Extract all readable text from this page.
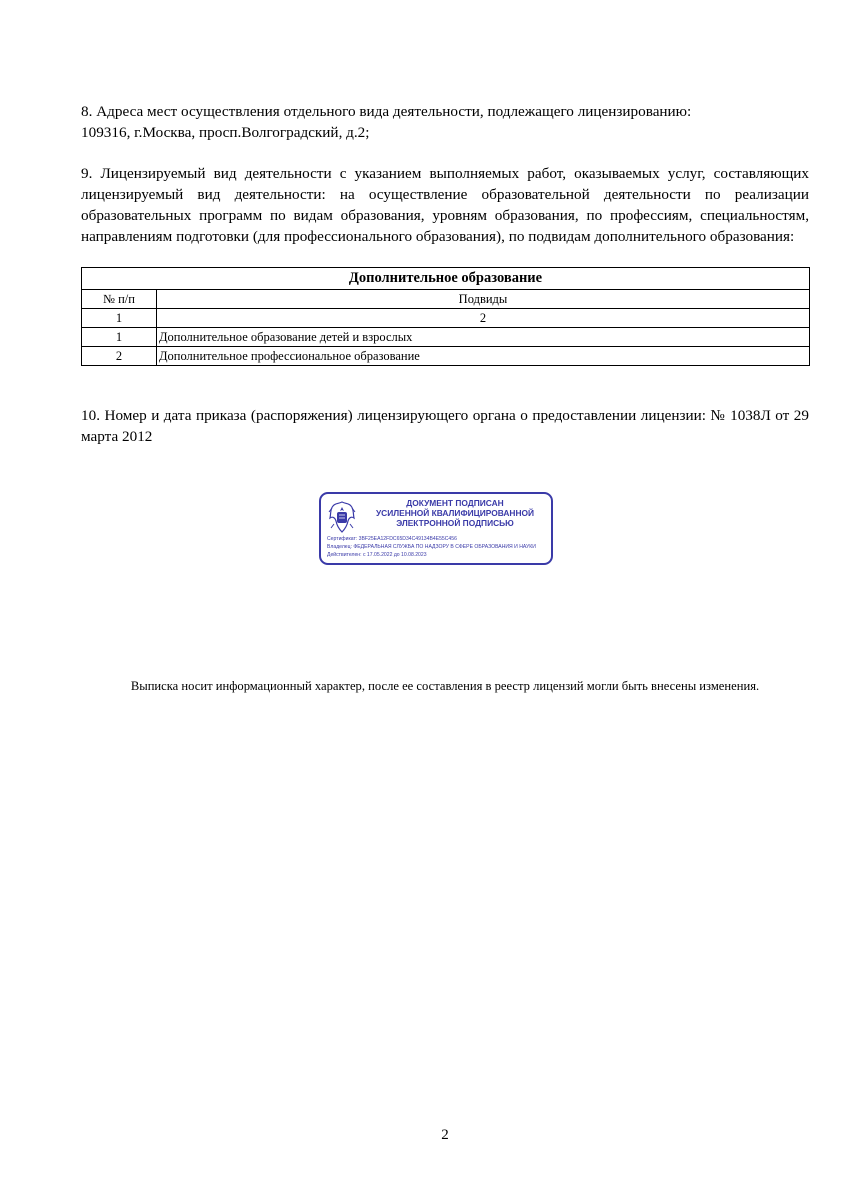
8. Адреса мест осуществления отдельного вида деятельности, подлежащего лицензированию:

109316, г.Москва, просп.Волгоградский, д.2;

9. Лицензируемый вид деятельности с указанием выполняемых работ, оказываемых услуг, составляющих лицензируемый вид деятельности: на осуществление образовательной деятельности по реализации образовательных программ по видам образования, уровням образования, по профессиям, специальностям, направлениям подготовки (для профессионального образования), по подвидам дополнительного образования:

Дополнительное образование	
№ п/п	Подвиды
1	2
1	Дополнительное образование детей и взрослых
2	Дополнительное профессиональное образование

10. Номер и дата приказа (распоряжения) лицензирующего органа о предоставлении лицензии: № 1038Л от 29 марта 2012

ДОКУМЕНТ ПОДПИСАН
УСИЛЕННОЙ КВАЛИФИЦИРОВАННОЙ
ЭЛЕКТРОННОЙ ПОДПИСЬЮ
Сертификат: 3BF25EA12FDC65D34C49134B4E55C456
Владелец: ФЕДЕРАЛЬНАЯ СЛУЖБА ПО НАДЗОРУ В СФЕРЕ ОБРАЗОВАНИЯ И НАУКИ
Действителен: с 17.05.2022 до 10.08.2023
Выписка носит информационный характер, после ее составления в реестр лицензий могли быть внесены изменения.
2
